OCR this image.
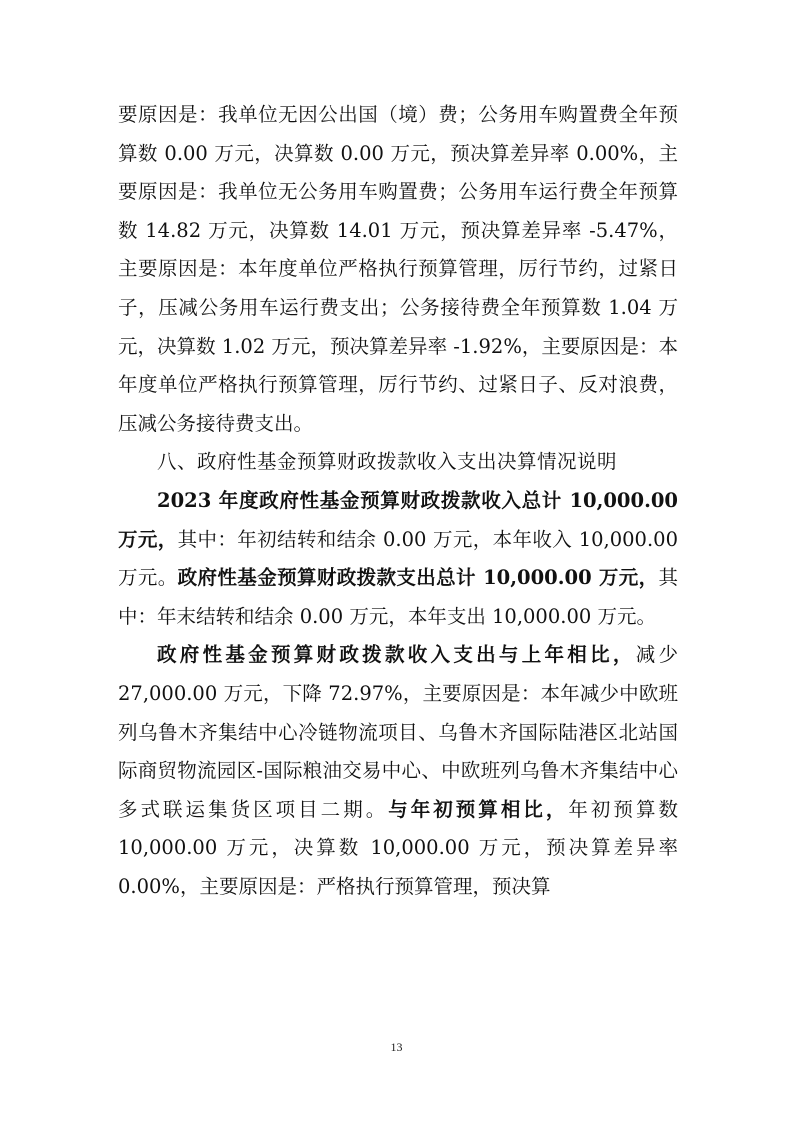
要原因是：我单位无因公出国（境）费；公务用车购置费全年预算数 0.00 万元，决算数 0.00 万元，预决算差异率 0.00%，主要原因是：我单位无公务用车购置费；公务用车运行费全年预算数 14.82 万元，决算数 14.01 万元，预决算差异率 -5.47%，主要原因是：本年度单位严格执行预算管理，厉行节约，过紧日子，压减公务用车运行费支出；公务接待费全年预算数 1.04 万元，决算数 1.02 万元，预决算差异率 -1.92%，主要原因是：本年度单位严格执行预算管理，厉行节约、过紧日子、反对浪费，压减公务接待费支出。

八、政府性基金预算财政拨款收入支出决算情况说明

2023 年度政府性基金预算财政拨款收入总计 10,000.00 万元，其中：年初结转和结余 0.00 万元，本年收入 10,000.00 万元。政府性基金预算财政拨款支出总计 10,000.00 万元，其中：年末结转和结余 0.00 万元，本年支出 10,000.00 万元。

政府性基金预算财政拨款收入支出与上年相比，减少 27,000.00 万元，下降 72.97%，主要原因是：本年减少中欧班列乌鲁木齐集结中心冷链物流项目、乌鲁木齐国际陆港区北站国际商贸物流园区-国际粮油交易中心、中欧班列乌鲁木齐集结中心多式联运集货区项目二期。与年初预算相比，年初预算数 10,000.00 万元，决算数 10,000.00 万元，预决算差异率 0.00%，主要原因是：严格执行预算管理，预决算

13
